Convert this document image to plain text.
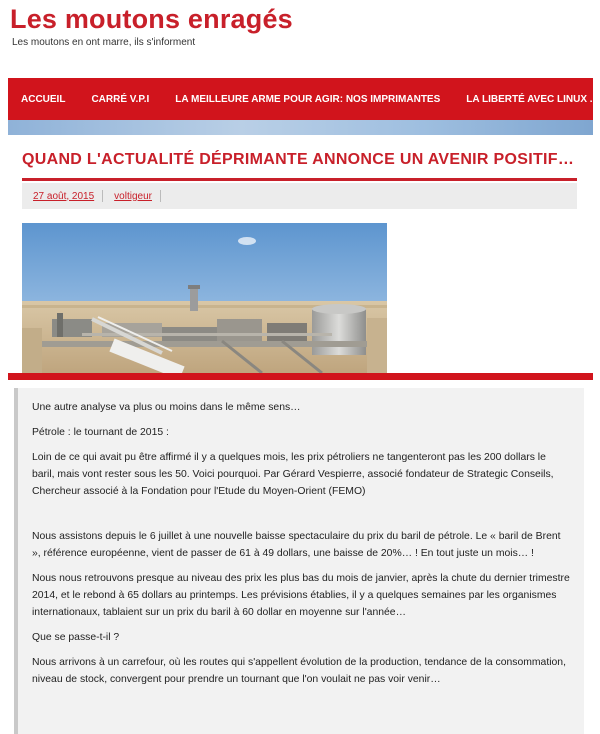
Les moutons enragés
Les moutons en ont marre, ils s'informent
ACCUEIL	CARRÉ V.P.I	LA MEILLEURE ARME POUR AGIR: NOS IMPRIMANTES	LA LIBERTÉ AVEC LINUX ..
QUAND L'ACTUALITÉ DÉPRIMANTE ANNONCE UN AVENIR POSITIF…
27 août, 2015 voltigeur

Une autre analyse va plus ou moins dans le même sens…

Pétrole : le tournant de 2015 :

Loin de ce qui avait pu être affirmé il y a quelques mois, les prix pétroliers ne tangenteront pas les 200 dollars le baril, mais vont rester sous les 50. Voici pourquoi. Par Gérard Vespierre, associé fondateur de Strategic Conseils, Chercheur associé à la Fondation pour l'Etude du Moyen-Orient (FEMO)

Nous assistons depuis le 6 juillet à une nouvelle baisse spectaculaire du prix du baril de pétrole. Le « baril de Brent », référence européenne, vient de passer de 61 à 49 dollars, une baisse de 20%… ! En tout juste un mois… !

Nous nous retrouvons presque au niveau des prix les plus bas du mois de janvier, après la chute du dernier trimestre 2014, et le rebond à 65 dollars au printemps. Les prévisions établies, il y a quelques semaines par les organismes internationaux, tablaient sur un prix du baril à 60 dollar en moyenne sur l'année…

Que se passe-t-il ?

Nous arrivons à un carrefour, où les routes qui s'appellent évolution de la production, tendance de la consommation, niveau de stock, convergent pour prendre un tournant que l'on voulait ne pas voir venir…
